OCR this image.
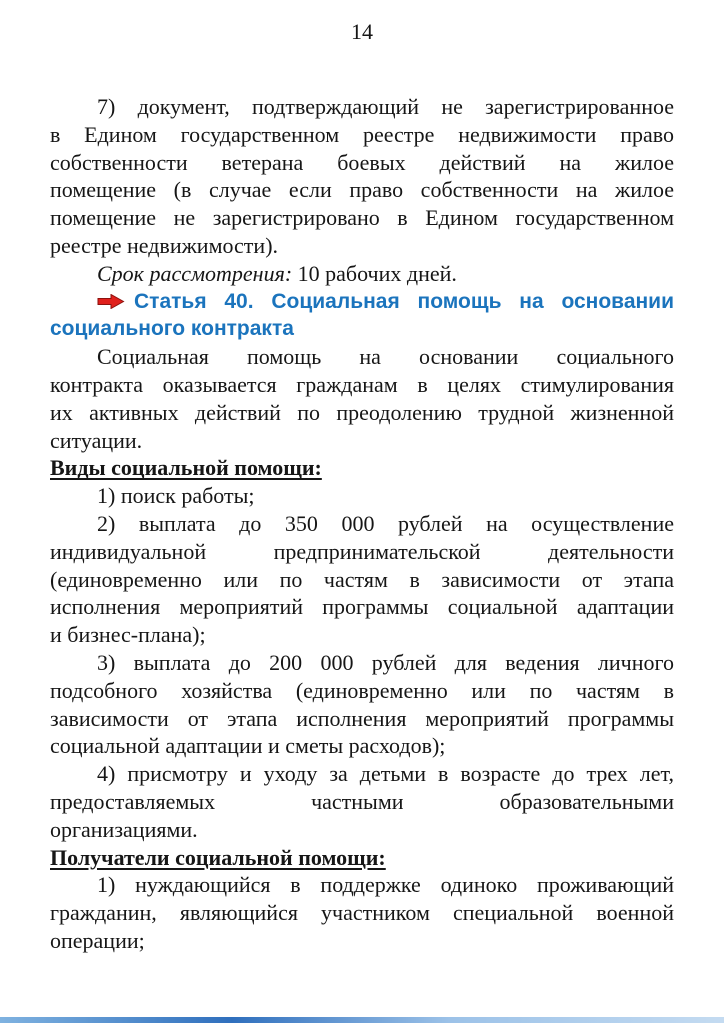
14
7) документ, подтверждающий не зарегистрированное
в Едином государственном реестре недвижимости право
собственности ветерана боевых действий на жилое
помещение (в случае если право собственности на жилое
помещение не зарегистрировано в Едином государственном
реестре недвижимости).
Срок рассмотрения: 10 рабочих дней.
Статья 40. Социальная помощь на основании
социального контракта
Социальная помощь на основании социального
контракта оказывается гражданам в целях стимулирования
их активных действий по преодолению трудной жизненной
ситуации.
Виды социальной помощи:
1) поиск работы;
2) выплата до 350 000 рублей на осуществление
индивидуальной предпринимательской деятельности
(единовременно или по частям в зависимости от этапа
исполнения мероприятий программы социальной адаптации
и бизнес-плана);
3) выплата до 200 000 рублей для ведения личного
подсобного хозяйства (единовременно или по частям в
зависимости от этапа исполнения мероприятий программы
социальной адаптации и сметы расходов);
4) присмотру и уходу за детьми в возрасте до трех лет,
предоставляемых частными образовательными
организациями.
Получатели социальной помощи:
1) нуждающийся в поддержке одиноко проживающий
гражданин, являющийся участником специальной военной
операции;
